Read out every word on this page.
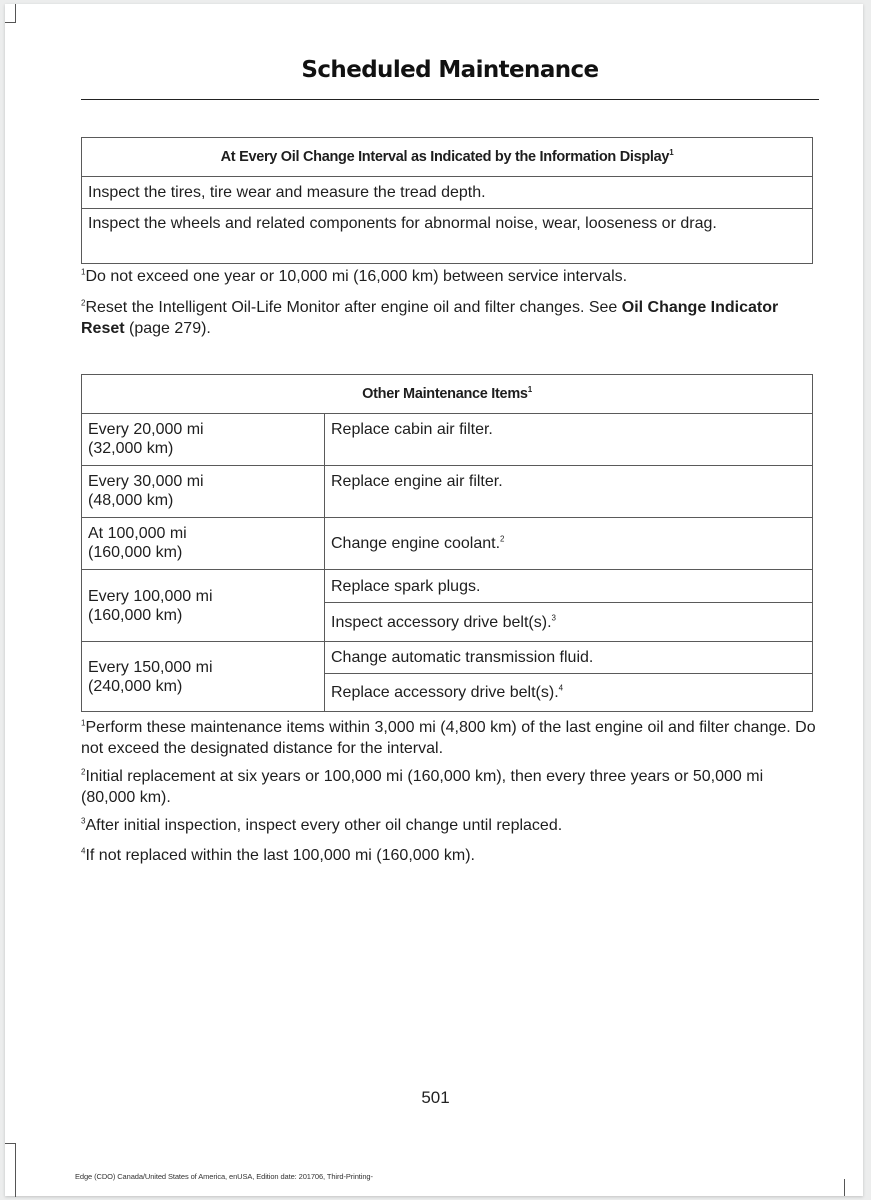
Scheduled Maintenance
At Every Oil Change Interval as Indicated by the Information Display$^1$
Inspect the tires, tire wear and measure the tread depth.
Inspect the wheels and related components for abnormal noise, wear, looseness or drag.
$^1$Do not exceed one year or 10,000 mi (16,000 km) between service intervals.
$^2$Reset the Intelligent Oil-Life Monitor after engine oil and filter changes. See Oil Change Indicator Reset (page 279).
Other Maintenance Items$^1$

Every 20,000 mi
(32,000 km)	Replace cabin air filter.

Every 30,000 mi
(48,000 km)	Replace engine air filter.

At 100,000 mi
(160,000 km)	Change engine coolant.$^2$

Every 100,000 mi
(160,000 km)	Replace spark plugs.
	Inspect accessory drive belt(s).$^3$

Every 150,000 mi
(240,000 km)	Change automatic transmission fluid.
	Replace accessory drive belt(s).$^4$
$^1$Perform these maintenance items within 3,000 mi (4,800 km) of the last engine oil and filter change. Do not exceed the designated distance for the interval.
$^2$Initial replacement at six years or 100,000 mi (160,000 km), then every three years or 50,000 mi (80,000 km).
$^3$After initial inspection, inspect every other oil change until replaced.
$^4$If not replaced within the last 100,000 mi (160,000 km).
501
Edge (CDO) Canada/United States of America, enUSA, Edition date: 201706, Third-Printing-
